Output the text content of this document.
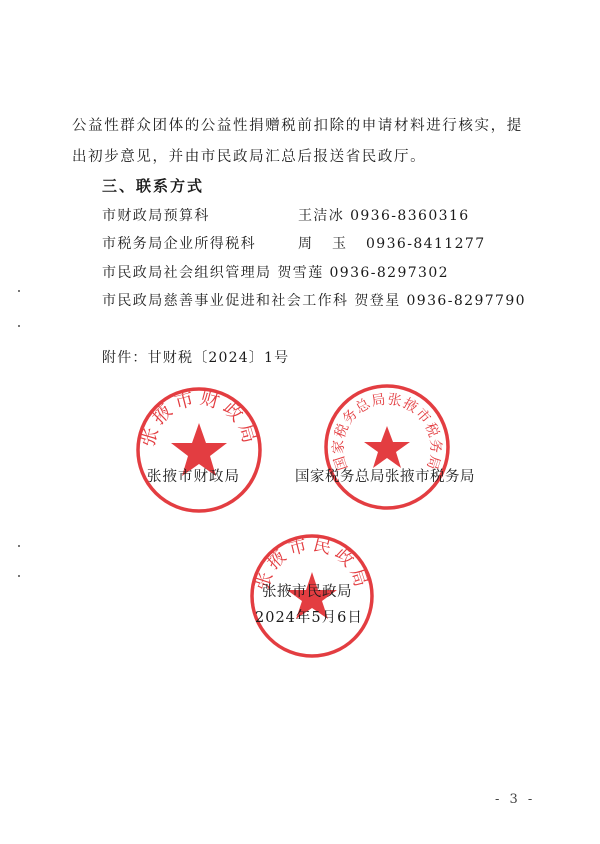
公益性群众团体的公益性捐赠税前扣除的申请材料进行核实，提
出初步意见，并由市民政局汇总后报送省民政厅。
三、联系方式
市财政局预算科	王洁冰 0936-8360316
市税务局企业所得税科	周玉0936-8411277
市民政局社会组织管理局 贺雪莲 0936-8297302
市民政局慈善事业促进和社会工作科 贺登星 0936-8297790
附件：甘财税〔2024〕1号
张掖市财政局
国家税务总局张掖市税务局
张掖市民政局
张掖市财政局	国家税务总局张掖市税务局
张掖市民政局
2024年5月6日
- 3 -
